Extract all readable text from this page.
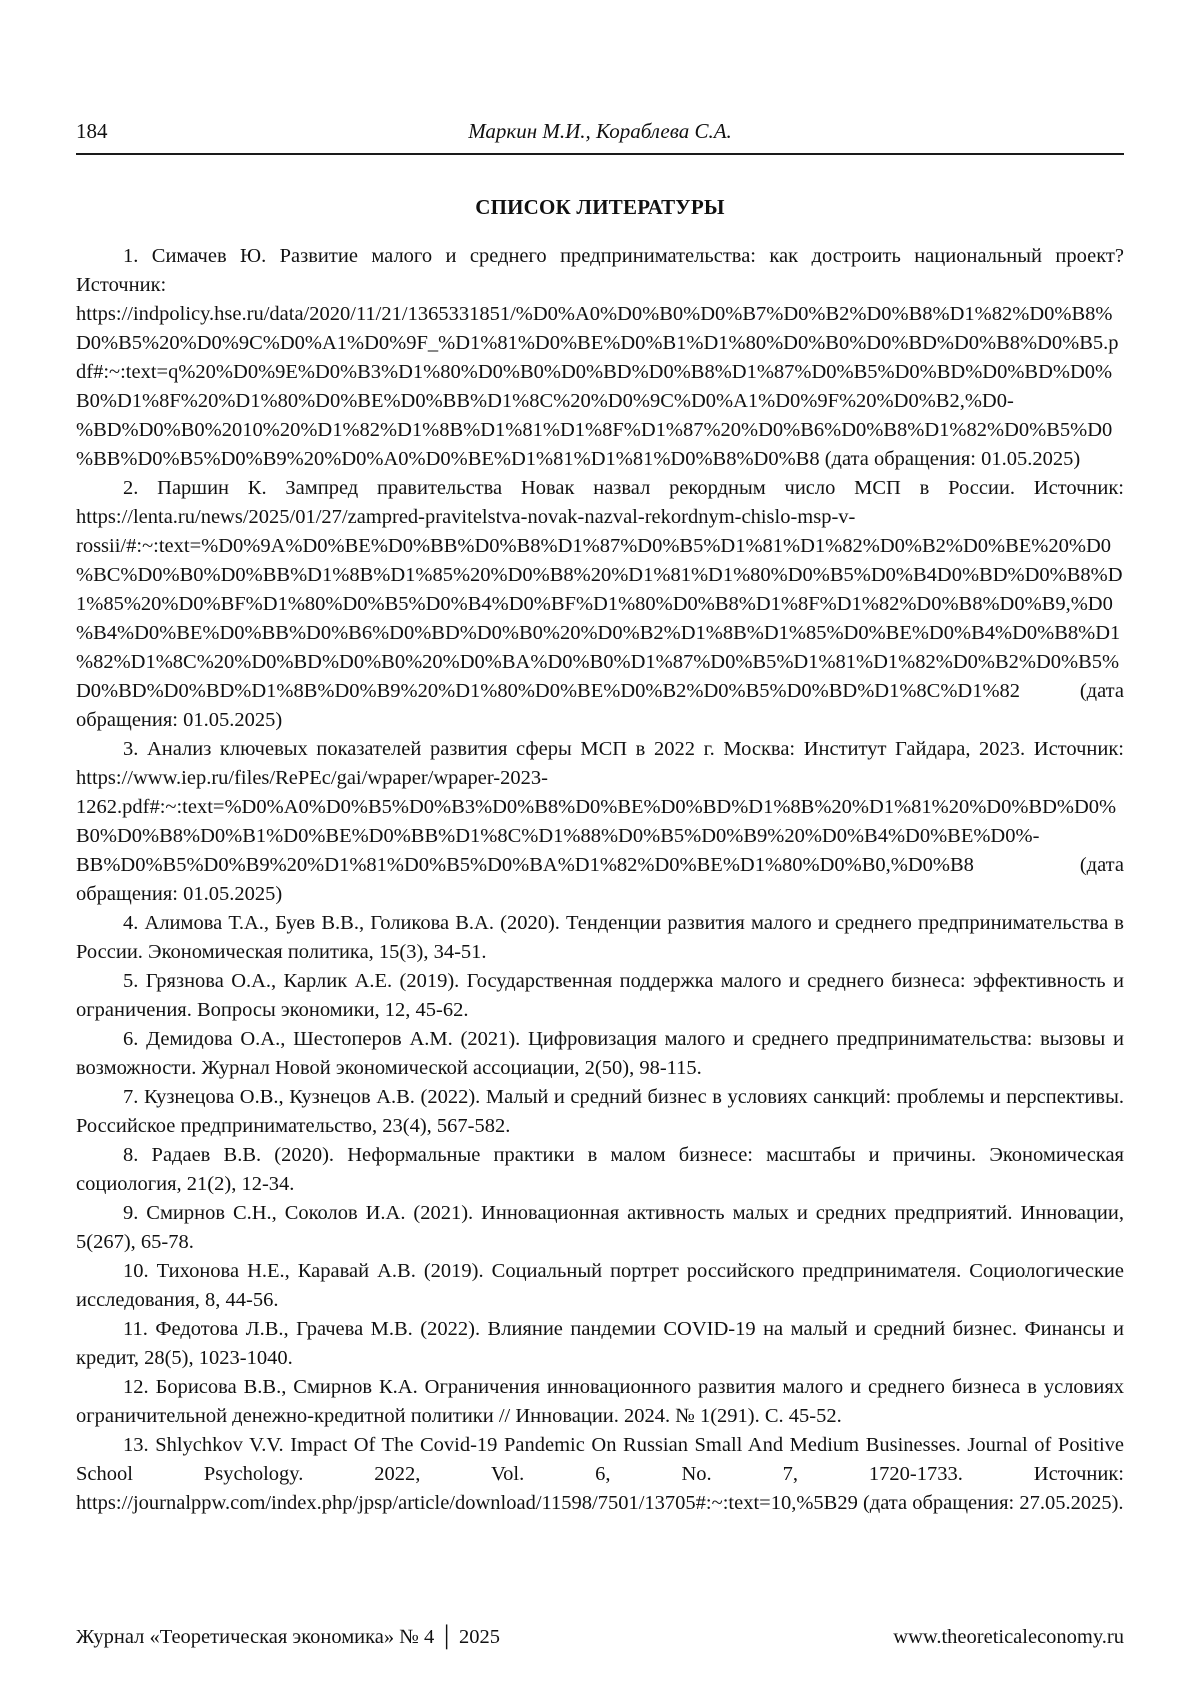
184	Маркин М.И., Кораблева С.А.
СПИСОК ЛИТЕРАТУРЫ

1. Симачев Ю. Развитие малого и среднего предпринимательства: как достроить национальный проект? Источник: https://indpolicy.hse.ru/data/2020/11/21/1365331851/%D0%A0%D0%B0%D0%B7%D0%B2%D0%B8%D1%82%D0%B8%D0%B5%20%D0%9C%D0%A1%D0%9F_%D1%81%D0%BE%D0%B1%D1%80%D0%B0%D0%BD%D0%B8%D0%B5.pdf#:~:text=q%20%D0%9E%D0%B3%D1%80%D0%B0%D0%BD%D0%B8%D1%87%D0%B5%D0%BD%D0%BD%D0%B0%D1%8F%20%D1%80%D0%BE%D0%BB%D1%8C%20%D0%9C%D0%A1%D0%9F%20%D0%B2,%D0-%BD%D0%B0%2010%20%D1%82%D1%8B%D1%81%D1%8F%D1%87%20%D0%B6%D0%B8%D1%82%D0%B5%D0%BB%D0%B5%D0%B9%20%D0%A0%D0%BE%D1%81%D1%81%D0%B8%D0%B8 (дата обращения: 01.05.2025)

2. Паршин К. Зампред правительства Новак назвал рекордным число МСП в России. Источник: https://lenta.ru/news/2025/01/27/zampred-pravitelstva-novak-nazval-rekordnym-chislo-msp-v-rossii/#:~:text=%D0%9A%D0%BE%D0%BB%D0%B8%D1%87%D0%B5%D1%81%D1%82%D0%B2%D0%BE%20%D0%BC%D0%B0%D0%BB%D1%8B%D1%85%20%D0%B8%20%D1%81%D1%80%D0%B5%D0%B4D0%BD%D0%B8%D1%85%20%D0%BF%D1%80%D0%B5%D0%B4%D0%BF%D1%80%D0%B8%D1%8F%D1%82%D0%B8%D0%B9,%D0%B4%D0%BE%D0%BB%D0%B6%D0%BD%D0%B0%20%D0%B2%D1%8B%D1%85%D0%BE%D0%B4%D0%B8%D1%82%D1%8C%20%D0%BD%D0%B0%20%D0%BA%D0%B0%D1%87%D0%B5%D1%81%D1%82%D0%B2%D0%B5%D0%BD%D0%BD%D1%8B%D0%B9%20%D1%80%D0%BE%D0%B2%D0%B5%D0%BD%D1%8C%D1%82 (дата обращения: 01.05.2025)

3. Анализ ключевых показателей развития сферы МСП в 2022 г. Москва: Институт Гайдара, 2023. Источник: https://www.iep.ru/files/RePEc/gai/wpaper/wpaper-2023-1262.pdf#:~:text=%D0%A0%D0%B5%D0%B3%D0%B8%D0%BE%D0%BD%D1%8B%20%D1%81%20%D0%BD%D0%B0%D0%B8%D0%B1%D0%BE%D0%BB%D1%8C%D1%88%D0%B5%D0%B9%20%D0%B4%D0%BE%D0%-BB%D0%B5%D0%B9%20%D1%81%D0%B5%D0%BA%D1%82%D0%BE%D1%80%D0%B0,%D0%B8 (дата обращения: 01.05.2025)

4. Алимова Т.А., Буев В.В., Голикова В.А. (2020). Тенденции развития малого и среднего предпринимательства в России. Экономическая политика, 15(3), 34-51.

5. Грязнова О.А., Карлик А.Е. (2019). Государственная поддержка малого и среднего бизнеса: эффективность и ограничения. Вопросы экономики, 12, 45-62.

6. Демидова О.А., Шестоперов А.М. (2021). Цифровизация малого и среднего предпринимательства: вызовы и возможности. Журнал Новой экономической ассоциации, 2(50), 98-115.

7. Кузнецова О.В., Кузнецов А.В. (2022). Малый и средний бизнес в условиях санкций: проблемы и перспективы. Российское предпринимательство, 23(4), 567-582.

8. Радаев В.В. (2020). Неформальные практики в малом бизнесе: масштабы и причины. Экономическая социология, 21(2), 12-34.

9. Смирнов С.Н., Соколов И.А. (2021). Инновационная активность малых и средних предприятий. Инновации, 5(267), 65-78.

10. Тихонова Н.Е., Каравай А.В. (2019). Социальный портрет российского предпринимателя. Социологические исследования, 8, 44-56.

11. Федотова Л.В., Грачева М.В. (2022). Влияние пандемии COVID-19 на малый и средний бизнес. Финансы и кредит, 28(5), 1023-1040.

12. Борисова В.В., Смирнов К.А. Ограничения инновационного развития малого и среднего бизнеса в условиях ограничительной денежно-кредитной политики // Инновации. 2024. № 1(291). С. 45-52.

13. Shlychkov V.V. Impact Of The Covid-19 Pandemic On Russian Small And Medium Businesses. Journal of Positive School Psychology. 2022, Vol. 6, No. 7, 1720-1733. Источник: https://journalppw.com/index.php/jpsp/article/download/11598/7501/13705#:~:text=10,%5B29 (дата обращения: 27.05.2025).

Журнал «Теоретическая экономика» № 4 │ 2025	www.theoreticaleconomy.ru
